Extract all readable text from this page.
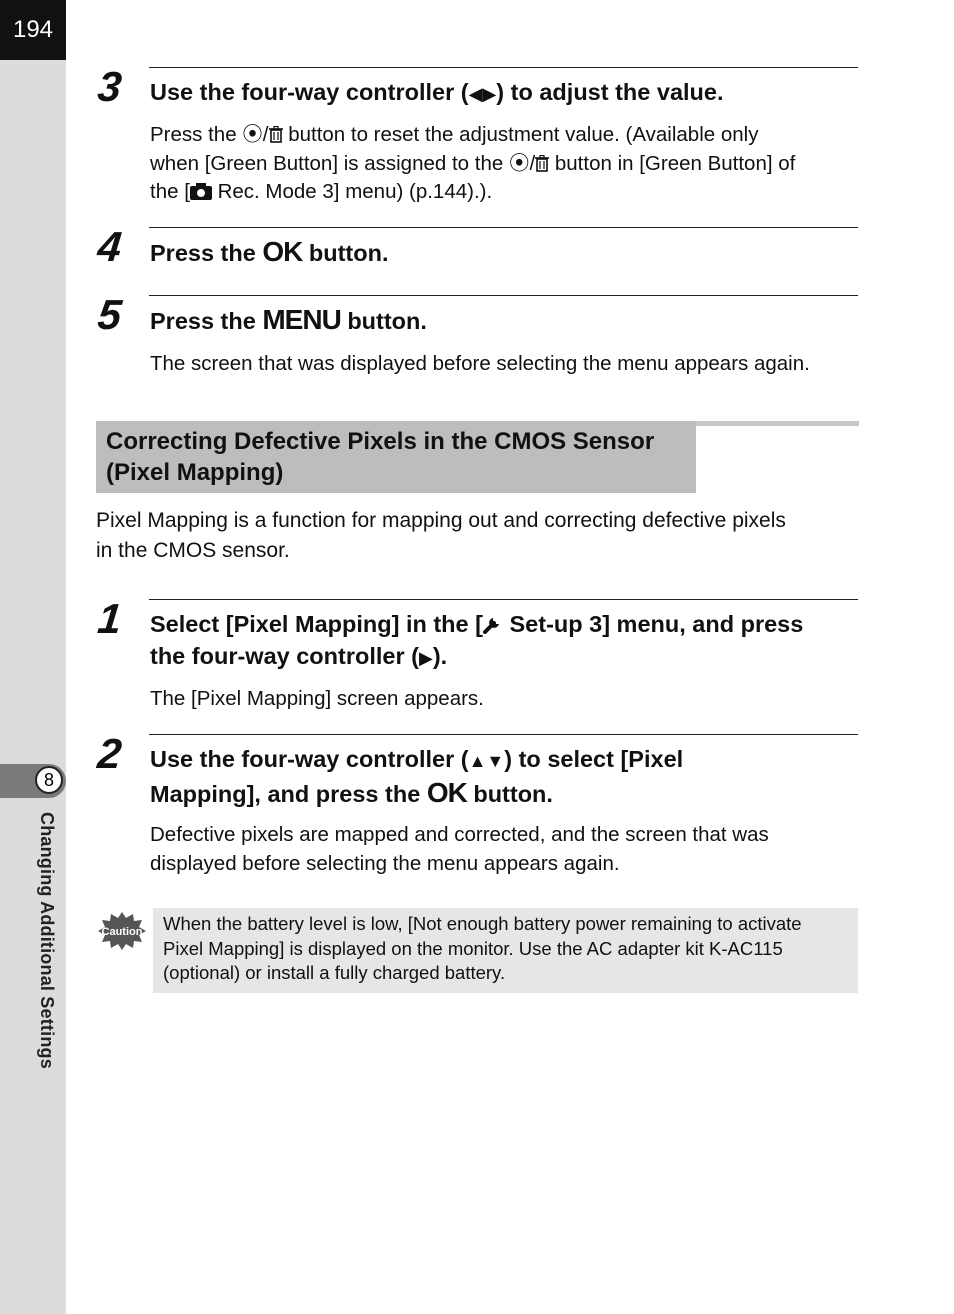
194
8
Changing Additional Settings
3 Use the four-way controller (◀▶) to adjust the value.
Press the ⦿/ button to reset the adjustment value. (Available only
when [Green Button] is assigned to the ⦿/ button in [Green Button] of
the [ Rec. Mode 3] menu) (p.144).).
4 Press the OK button.
5 Press the MENU button.
The screen that was displayed before selecting the menu appears again.
Correcting Defective Pixels in the CMOS Sensor
(Pixel Mapping)
Pixel Mapping is a function for mapping out and correcting defective pixels
in the CMOS sensor.
1 Select [Pixel Mapping] in the [ Set-up 3] menu, and press
the four-way controller (▶).
The [Pixel Mapping] screen appears.
2 Use the four-way controller (▲▼) to select [Pixel
Mapping], and press the OK button.
Defective pixels are mapped and corrected, and the screen that was
displayed before selecting the menu appears again.
Caution When the battery level is low, [Not enough battery power remaining to activate
Pixel Mapping] is displayed on the monitor. Use the AC adapter kit K-AC115
(optional) or install a fully charged battery.
